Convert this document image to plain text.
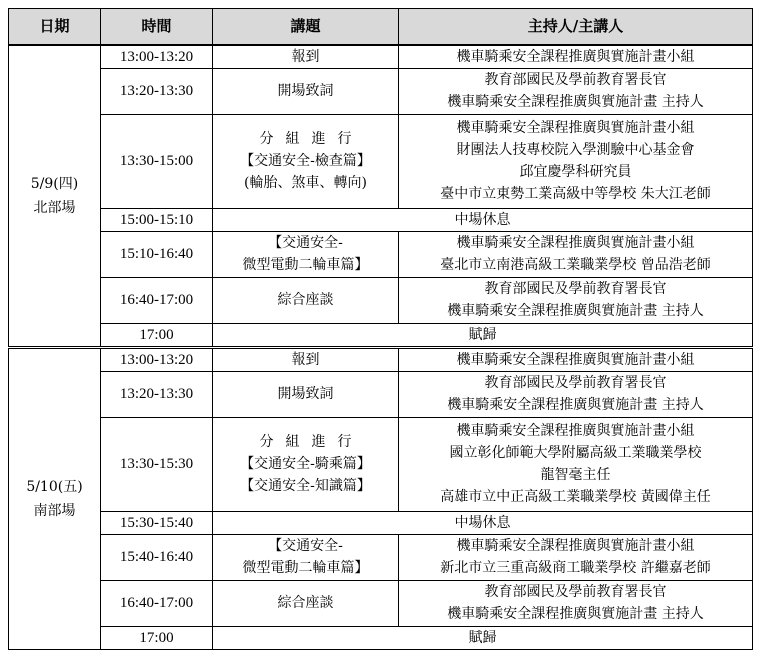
日期	時間	講題	主持人/主講人

5/9(四)
北部場	13:00-13:20	報到	機車騎乘安全課程推廣與實施計畫小組

	13:20-13:30	開場致詞	教育部國民及學前教育署長官
機車騎乘安全課程推廣與實施計畫 主持人

	13:30-15:00	分組進行
【交通安全-檢查篇】
(輪胎、煞車、轉向)	機車騎乘安全課程推廣與實施計畫小組
財團法人技專校院入學測驗中心基金會
邱宜慶學科研究員
臺中市立東勢工業高級中等學校 朱大江老師

	15:00-15:10	中場休息	
	15:10-16:40	【交通安全-
微型電動二輪車篇】	機車騎乘安全課程推廣與實施計畫小組
臺北市立南港高級工業職業學校 曾品浩老師

	16:40-17:00	綜合座談	教育部國民及學前教育署長官
機車騎乘安全課程推廣與實施計畫 主持人

	17:00	賦歸	

5/10(五)
南部場	13:00-13:20	報到	機車騎乘安全課程推廣與實施計畫小組

	13:20-13:30	開場致詞	教育部國民及學前教育署長官
機車騎乘安全課程推廣與實施計畫 主持人

	13:30-15:30	分組進行
【交通安全-騎乘篇】
【交通安全-知識篇】	機車騎乘安全課程推廣與實施計畫小組
國立彰化師範大學附屬高級工業職業學校
龍智毫主任
高雄市立中正高級工業職業學校 黃國偉主任

	15:30-15:40	中場休息	
	15:40-16:40	【交通安全-
微型電動二輪車篇】	機車騎乘安全課程推廣與實施計畫小組
新北市立三重高級商工職業學校 許繼嘉老師

	16:40-17:00	綜合座談	教育部國民及學前教育署長官
機車騎乘安全課程推廣與實施計畫 主持人

	17:00	賦歸	
